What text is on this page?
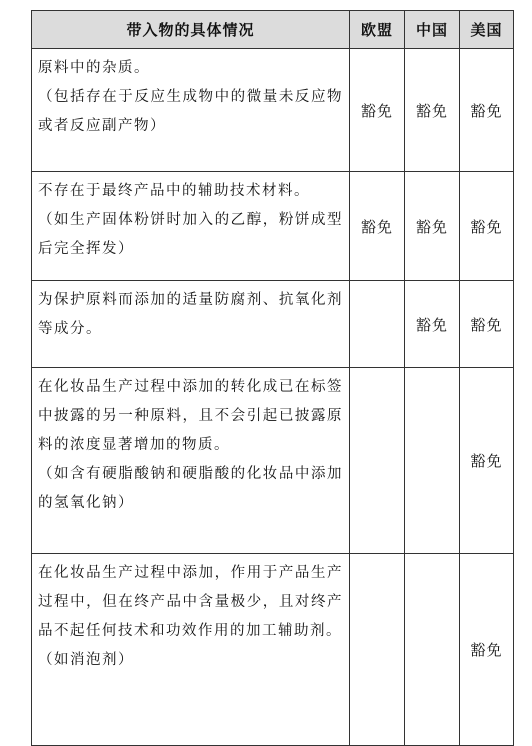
带入物的具体情况	欧盟	中国	美国
原料中的杂质。
（包括存在于反应生成物中的微量未反应物或者反应副产物）	豁免	豁免	豁免
不存在于最终产品中的辅助技术材料。
（如生产固体粉饼时加入的乙醇，粉饼成型后完全挥发）	豁免	豁免	豁免
为保护原料而添加的适量防腐剂、抗氧化剂等成分。		豁免	豁免
在化妆品生产过程中添加的转化成已在标签中披露的另一种原料，且不会引起已披露原料的浓度显著增加的物质。
（如含有硬脂酸钠和硬脂酸的化妆品中添加的氢氧化钠）			豁免
在化妆品生产过程中添加，作用于产品生产过程中，但在终产品中含量极少，且对终产品不起任何技术和功效作用的加工辅助剂。
（如消泡剂）			豁免
